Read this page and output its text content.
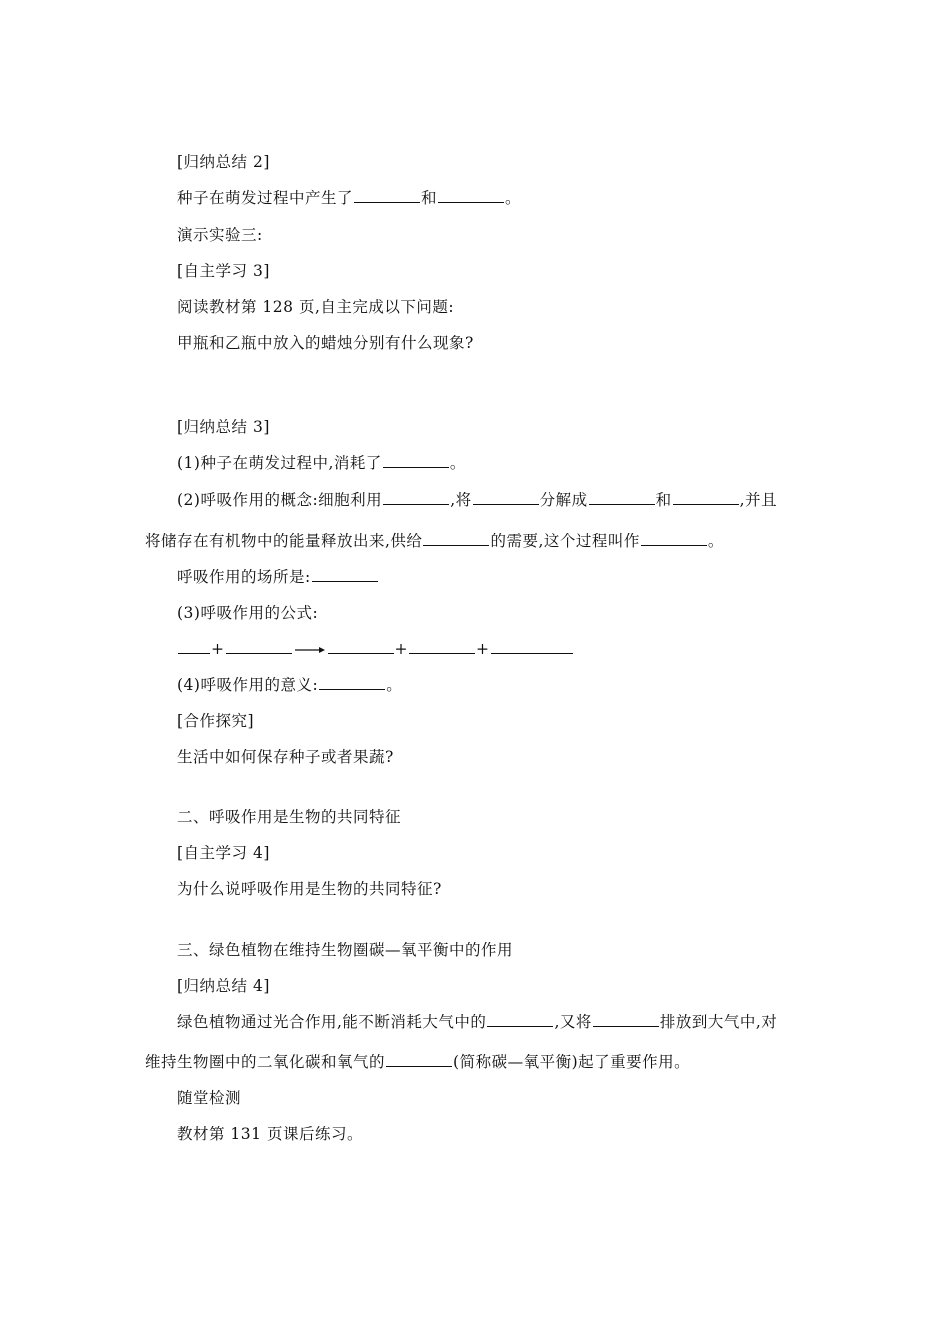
[归纳总结 2]
种子在萌发过程中产生了	和	。
演示实验三:
[自主学习 3]
阅读教材第 128 页,自主完成以下问题:
甲瓶和乙瓶中放入的蜡烛分别有什么现象?
[归纳总结 3]
(1)种子在萌发过程中,消耗了	。
(2)呼吸作用的概念:细胞利用	,将	分解成	和	,并且
将储存在有机物中的能量释放出来,供给	的需要,这个过程叫作	。
呼吸作用的场所是:
(3)呼吸作用的公式:
+	+	+
(4)呼吸作用的意义:	。
[合作探究]
生活中如何保存种子或者果蔬?
二、呼吸作用是生物的共同特征
[自主学习 4]
为什么说呼吸作用是生物的共同特征?
三、绿色植物在维持生物圈碳—氧平衡中的作用
[归纳总结 4]
绿色植物通过光合作用,能不断消耗大气中的	,又将	排放到大气中,对
维持生物圈中的二氧化碳和氧气的	(简称碳—氧平衡)起了重要作用。
随堂检测
教材第 131 页课后练习。
